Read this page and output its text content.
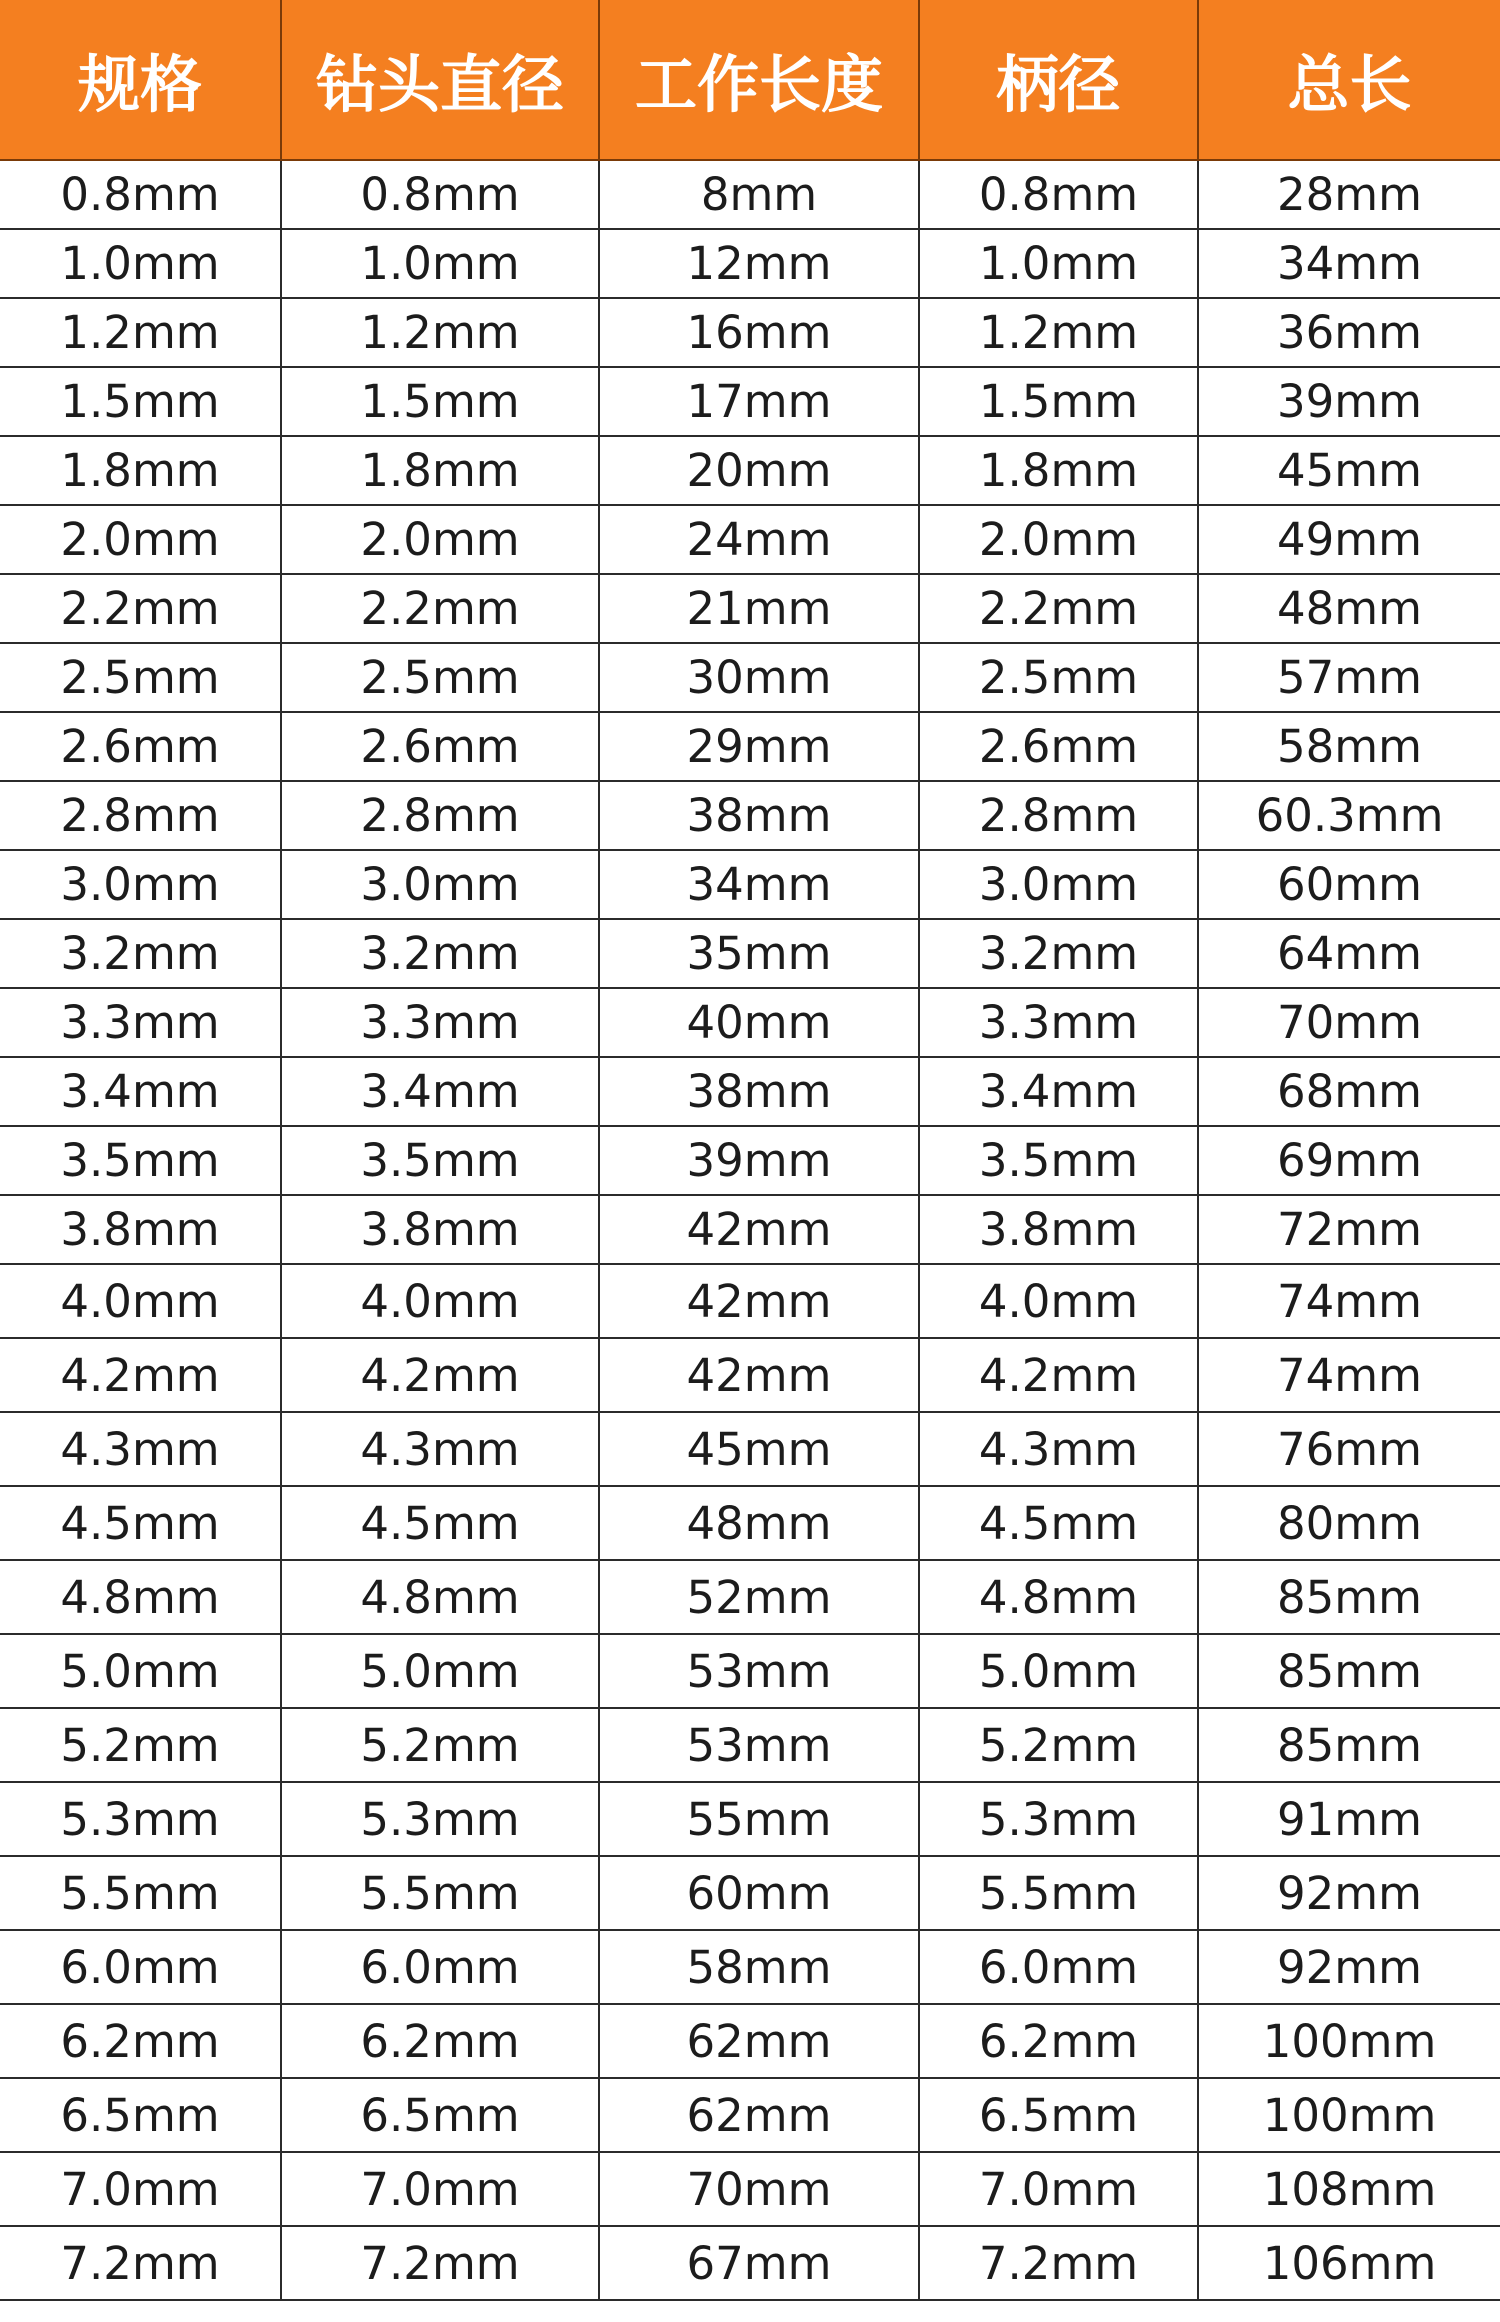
规格	钻头直径	工作长度	柄径	总长
0.8mm	0.8mm	8mm	0.8mm	28mm
1.0mm	1.0mm	12mm	1.0mm	34mm
1.2mm	1.2mm	16mm	1.2mm	36mm
1.5mm	1.5mm	17mm	1.5mm	39mm
1.8mm	1.8mm	20mm	1.8mm	45mm
2.0mm	2.0mm	24mm	2.0mm	49mm
2.2mm	2.2mm	21mm	2.2mm	48mm
2.5mm	2.5mm	30mm	2.5mm	57mm
2.6mm	2.6mm	29mm	2.6mm	58mm
2.8mm	2.8mm	38mm	2.8mm	60.3mm
3.0mm	3.0mm	34mm	3.0mm	60mm
3.2mm	3.2mm	35mm	3.2mm	64mm
3.3mm	3.3mm	40mm	3.3mm	70mm
3.4mm	3.4mm	38mm	3.4mm	68mm
3.5mm	3.5mm	39mm	3.5mm	69mm
3.8mm	3.8mm	42mm	3.8mm	72mm
4.0mm	4.0mm	42mm	4.0mm	74mm
4.2mm	4.2mm	42mm	4.2mm	74mm
4.3mm	4.3mm	45mm	4.3mm	76mm
4.5mm	4.5mm	48mm	4.5mm	80mm
4.8mm	4.8mm	52mm	4.8mm	85mm
5.0mm	5.0mm	53mm	5.0mm	85mm
5.2mm	5.2mm	53mm	5.2mm	85mm
5.3mm	5.3mm	55mm	5.3mm	91mm
5.5mm	5.5mm	60mm	5.5mm	92mm
6.0mm	6.0mm	58mm	6.0mm	92mm
6.2mm	6.2mm	62mm	6.2mm	100mm
6.5mm	6.5mm	62mm	6.5mm	100mm
7.0mm	7.0mm	70mm	7.0mm	108mm
7.2mm	7.2mm	67mm	7.2mm	106mm
